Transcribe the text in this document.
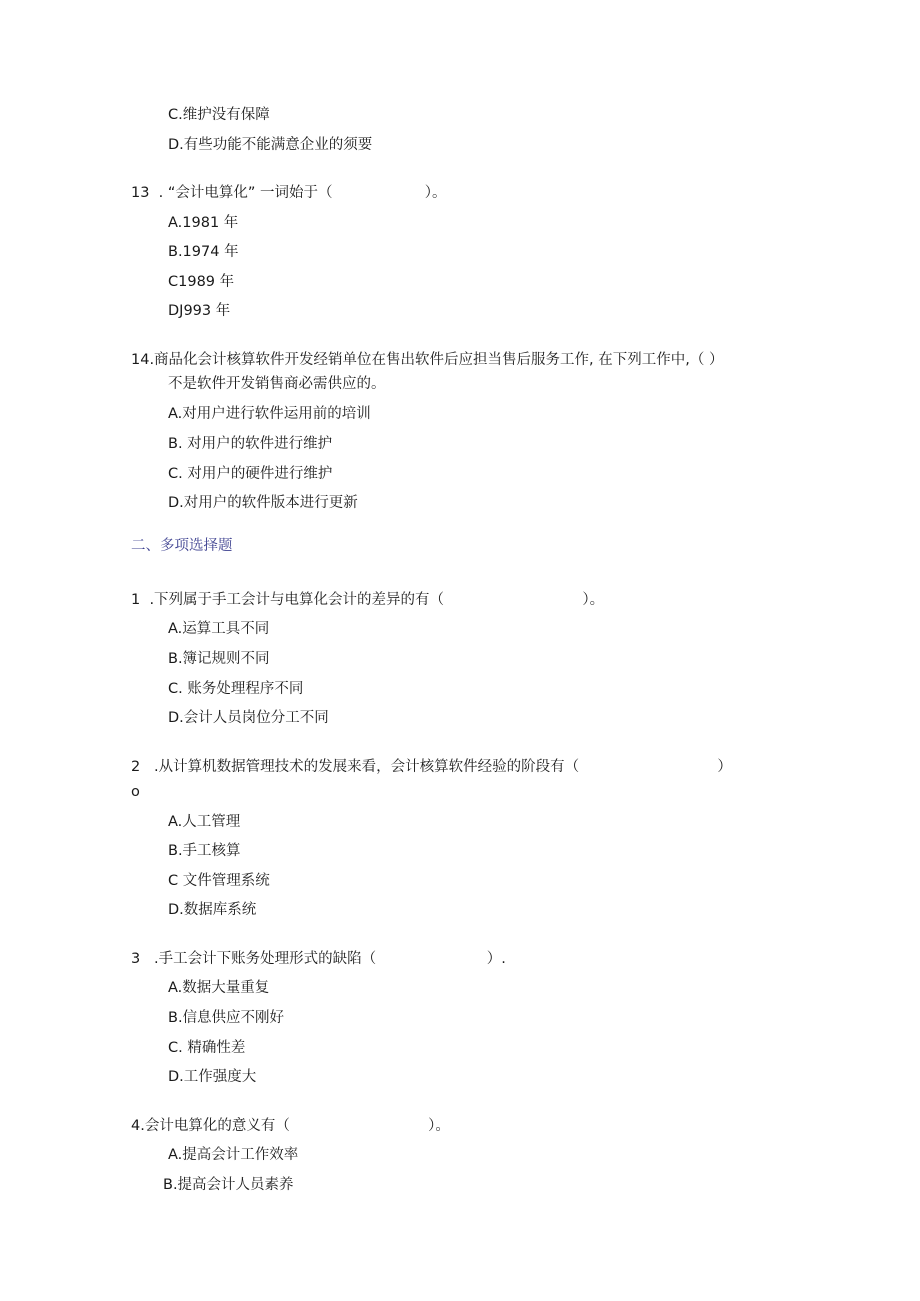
C.维护没有保障
D.有些功能不能满意企业的须要
13  . “会计电算化” 一词始于（                    ）。
A.1981 年
B.1974 年
C1989 年
DJ993 年
14.商品化会计核算软件开发经销单位在售出软件后应担当售后服务工作, 在下列工作中,（ ）
不是软件开发销售商必需供应的。
A.对用户进行软件运用前的培训
B. 对用户的软件进行维护
C. 对用户的硬件进行维护
D.对用户的软件版本进行更新
二、多项选择题
1  .下列属于手工会计与电算化会计的差异的有（                              ）。
A.运算工具不同
B.簿记规则不同
C. 账务处理程序不同
D.会计人员岗位分工不同
2   .从计算机数据管理技术的发展来看，会计核算软件经验的阶段有（                              ）
o
A.人工管理
B.手工核算
C 文件管理系统
D.数据库系统
3   .手工会计下账务处理形式的缺陷（                        ）.
A.数据大量重复
B.信息供应不刚好
C. 精确性差
D.工作强度大
4.会计电算化的意义有（                              ）。
A.提高会计工作效率
B.提高会计人员素养
